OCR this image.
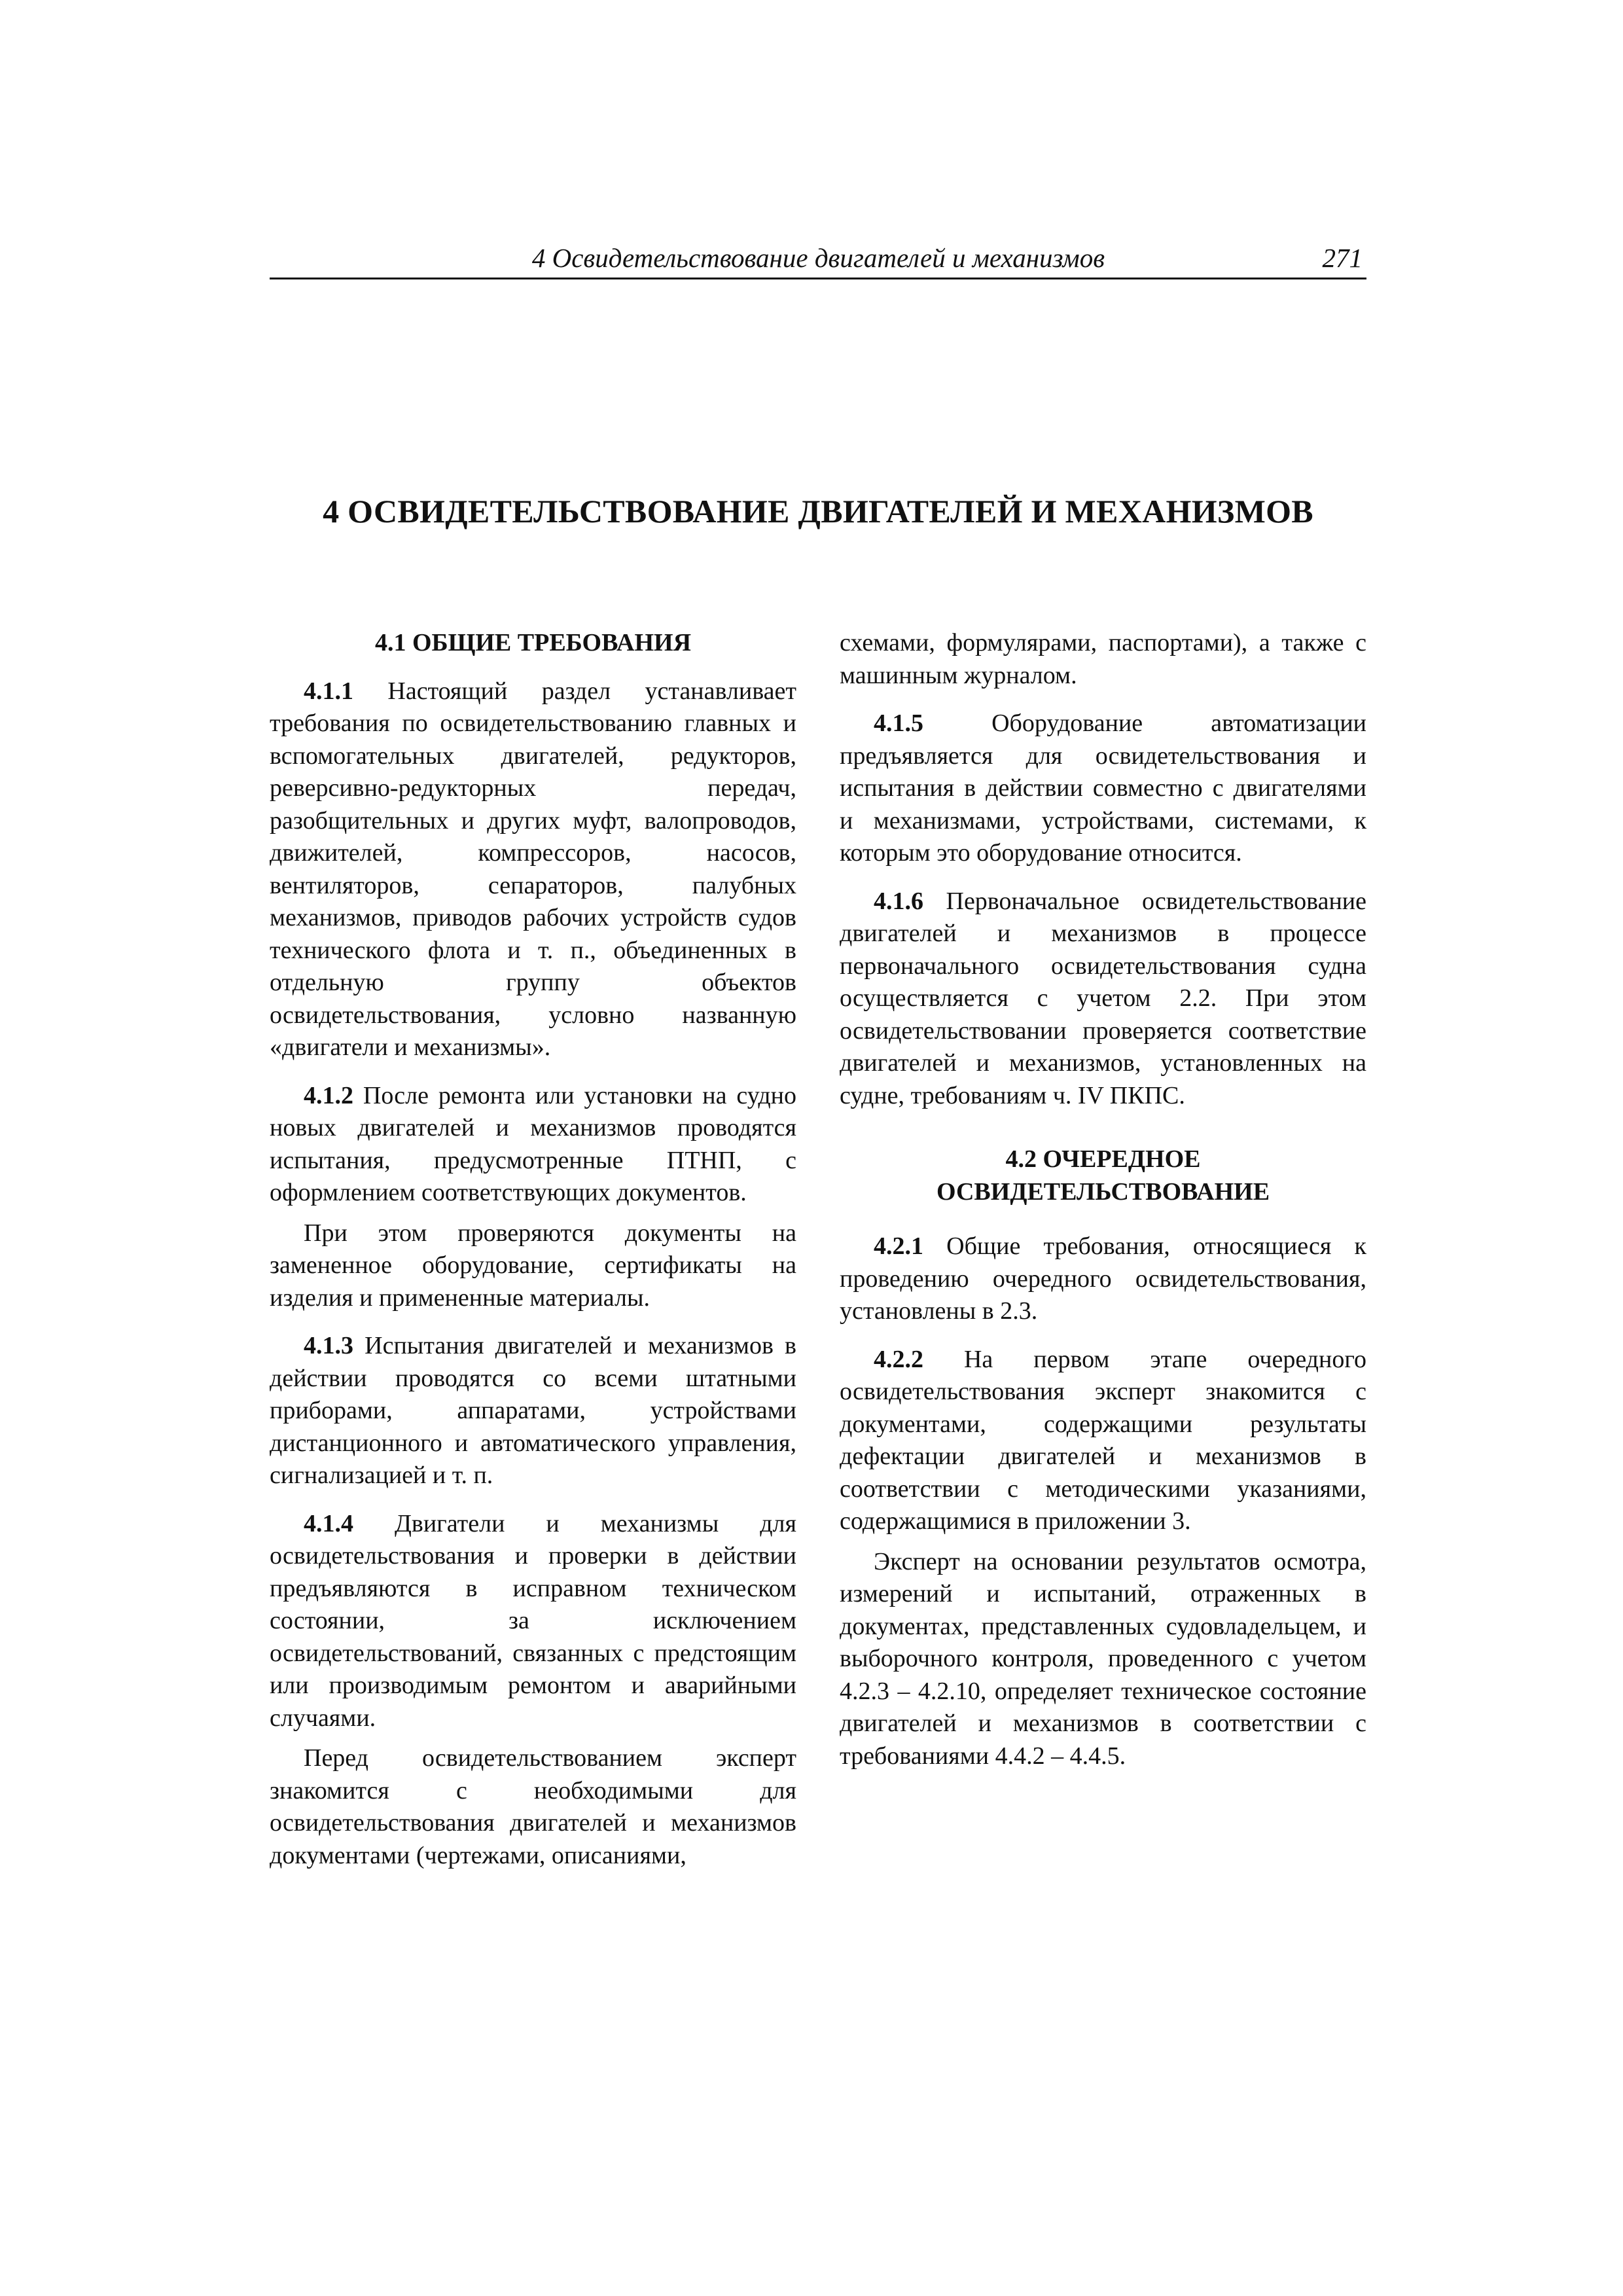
4 Освидетельствование двигателей и механизмов	271
4 ОСВИДЕТЕЛЬСТВОВАНИЕ ДВИГАТЕЛЕЙ И МЕХАНИЗМОВ
4.1 ОБЩИЕ ТРЕБОВАНИЯ

4.1.1 Настоящий раздел устанавливает требования по освидетельствованию главных и вспомогательных двигателей, редукторов, реверсивно-редукторных передач, разобщительных и других муфт, валопроводов, движителей, компрессоров, насосов, вентиляторов, сепараторов, палубных механизмов, приводов рабочих устройств судов технического флота и т. п., объединенных в отдельную группу объектов освидетельствования, условно названную «двигатели и механизмы».

4.1.2 После ремонта или установки на судно новых двигателей и механизмов проводятся испытания, предусмотренные ПТНП, с оформлением соответствующих документов.

При этом проверяются документы на замененное оборудование, сертификаты на изделия и примененные материалы.

4.1.3 Испытания двигателей и механизмов в действии проводятся со всеми штатными приборами, аппаратами, устройствами дистанционного и автоматического управления, сигнализацией и т. п.

4.1.4 Двигатели и механизмы для освидетельствования и проверки в действии предъявляются в исправном техническом состоянии, за исключением освидетельствований, связанных с предстоящим или производимым ремонтом и аварийными случаями.

Перед освидетельствованием эксперт знакомится с необходимыми для освидетельствования двигателей и механизмов документами (чертежами, описаниями,

схемами, формулярами, паспортами), а также с машинным журналом.

4.1.5 Оборудование автоматизации предъявляется для освидетельствования и испытания в действии совместно с двигателями и механизмами, устройствами, системами, к которым это оборудование относится.

4.1.6 Первоначальное освидетельствование двигателей и механизмов в процессе первоначального освидетельствования судна осуществляется с учетом 2.2. При этом освидетельствовании проверяется соответствие двигателей и механизмов, установленных на судне, требованиям ч. IV ПКПС.

4.2 ОЧЕРЕДНОЕ
ОСВИДЕТЕЛЬСТВОВАНИЕ

4.2.1 Общие требования, относящиеся к проведению очередного освидетельствования, установлены в 2.3.

4.2.2 На первом этапе очередного освидетельствования эксперт знакомится с документами, содержащими результаты дефектации двигателей и механизмов в соответствии с методическими указаниями, содержащимися в приложении 3.

Эксперт на основании результатов осмотра, измерений и испытаний, отраженных в документах, представленных судовладельцем, и выборочного контроля, проведенного с учетом 4.2.3 – 4.2.10, определяет техническое состояние двигателей и механизмов в соответствии с требованиями 4.4.2 – 4.4.5.
